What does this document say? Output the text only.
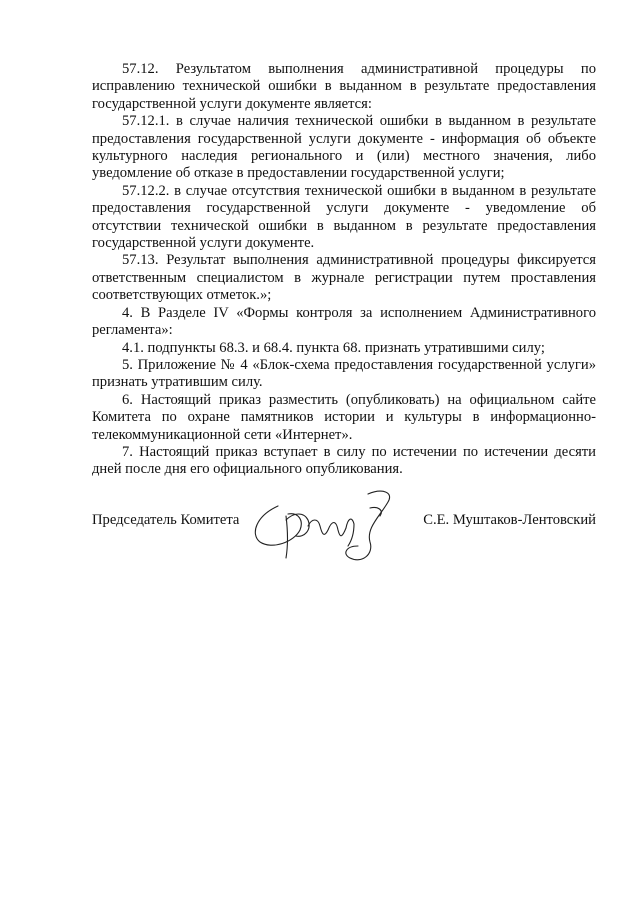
57.12. Результатом выполнения административной процедуры по исправлению технической ошибки в выданном в результате предоставления государственной услуги документе является:

57.12.1. в случае наличия технической ошибки в выданном в результате предоставления государственной услуги документе - информация об объекте культурного наследия регионального и (или) местного значения, либо уведомление об отказе в предоставлении государственной услуги;

57.12.2. в случае отсутствия технической ошибки в выданном в результате предоставления государственной услуги документе - уведомление об отсутствии технической ошибки в выданном в результате предоставления государственной услуги документе.

57.13. Результат выполнения административной процедуры фиксируется ответственным специалистом в журнале регистрации путем проставления соответствующих отметок.»;

4. В Разделе IV «Формы контроля за исполнением Административного регламента»:

4.1. подпункты 68.3. и 68.4. пункта 68. признать утратившими силу;

5. Приложение № 4 «Блок-схема предоставления государственной услуги» признать утратившим силу.

6. Настоящий приказ разместить (опубликовать) на официальном сайте Комитета по охране памятников истории и культуры в информационно-телекоммуникационной сети «Интернет».

7. Настоящий приказ вступает в силу по истечении по истечении десяти дней после дня его официального опубликования.

Председатель Комитета	С.Е. Муштаков-Лентовский
